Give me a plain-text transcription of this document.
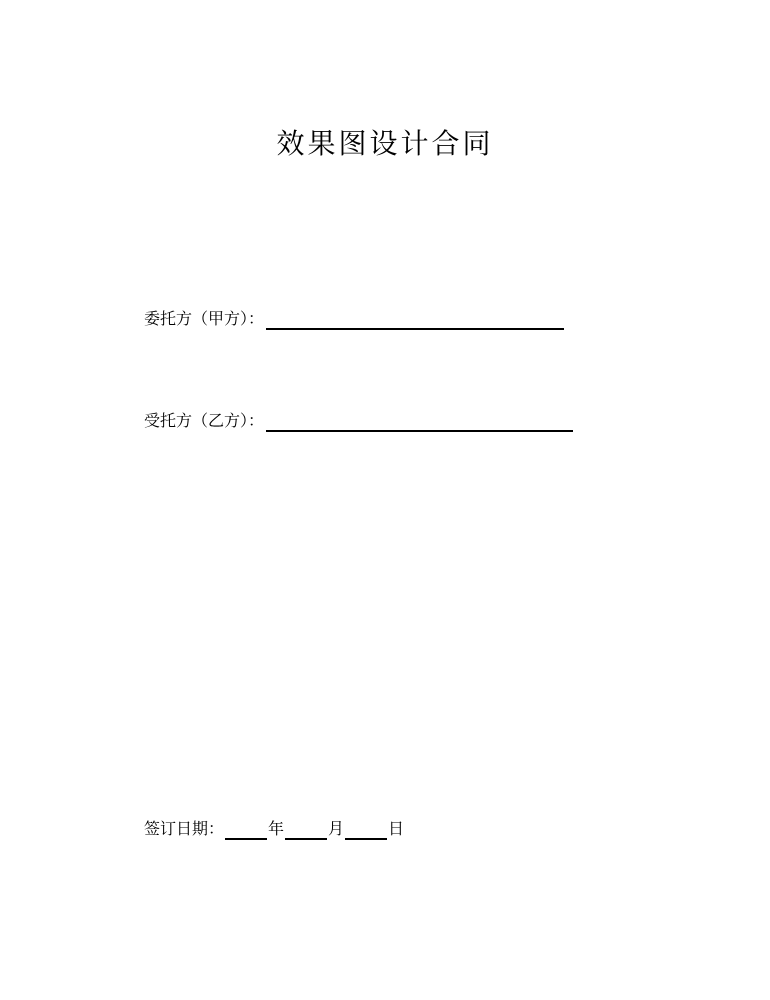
效果图设计合同
委托方（甲方）：
受托方（乙方）：
签订日期：	年	月	日
